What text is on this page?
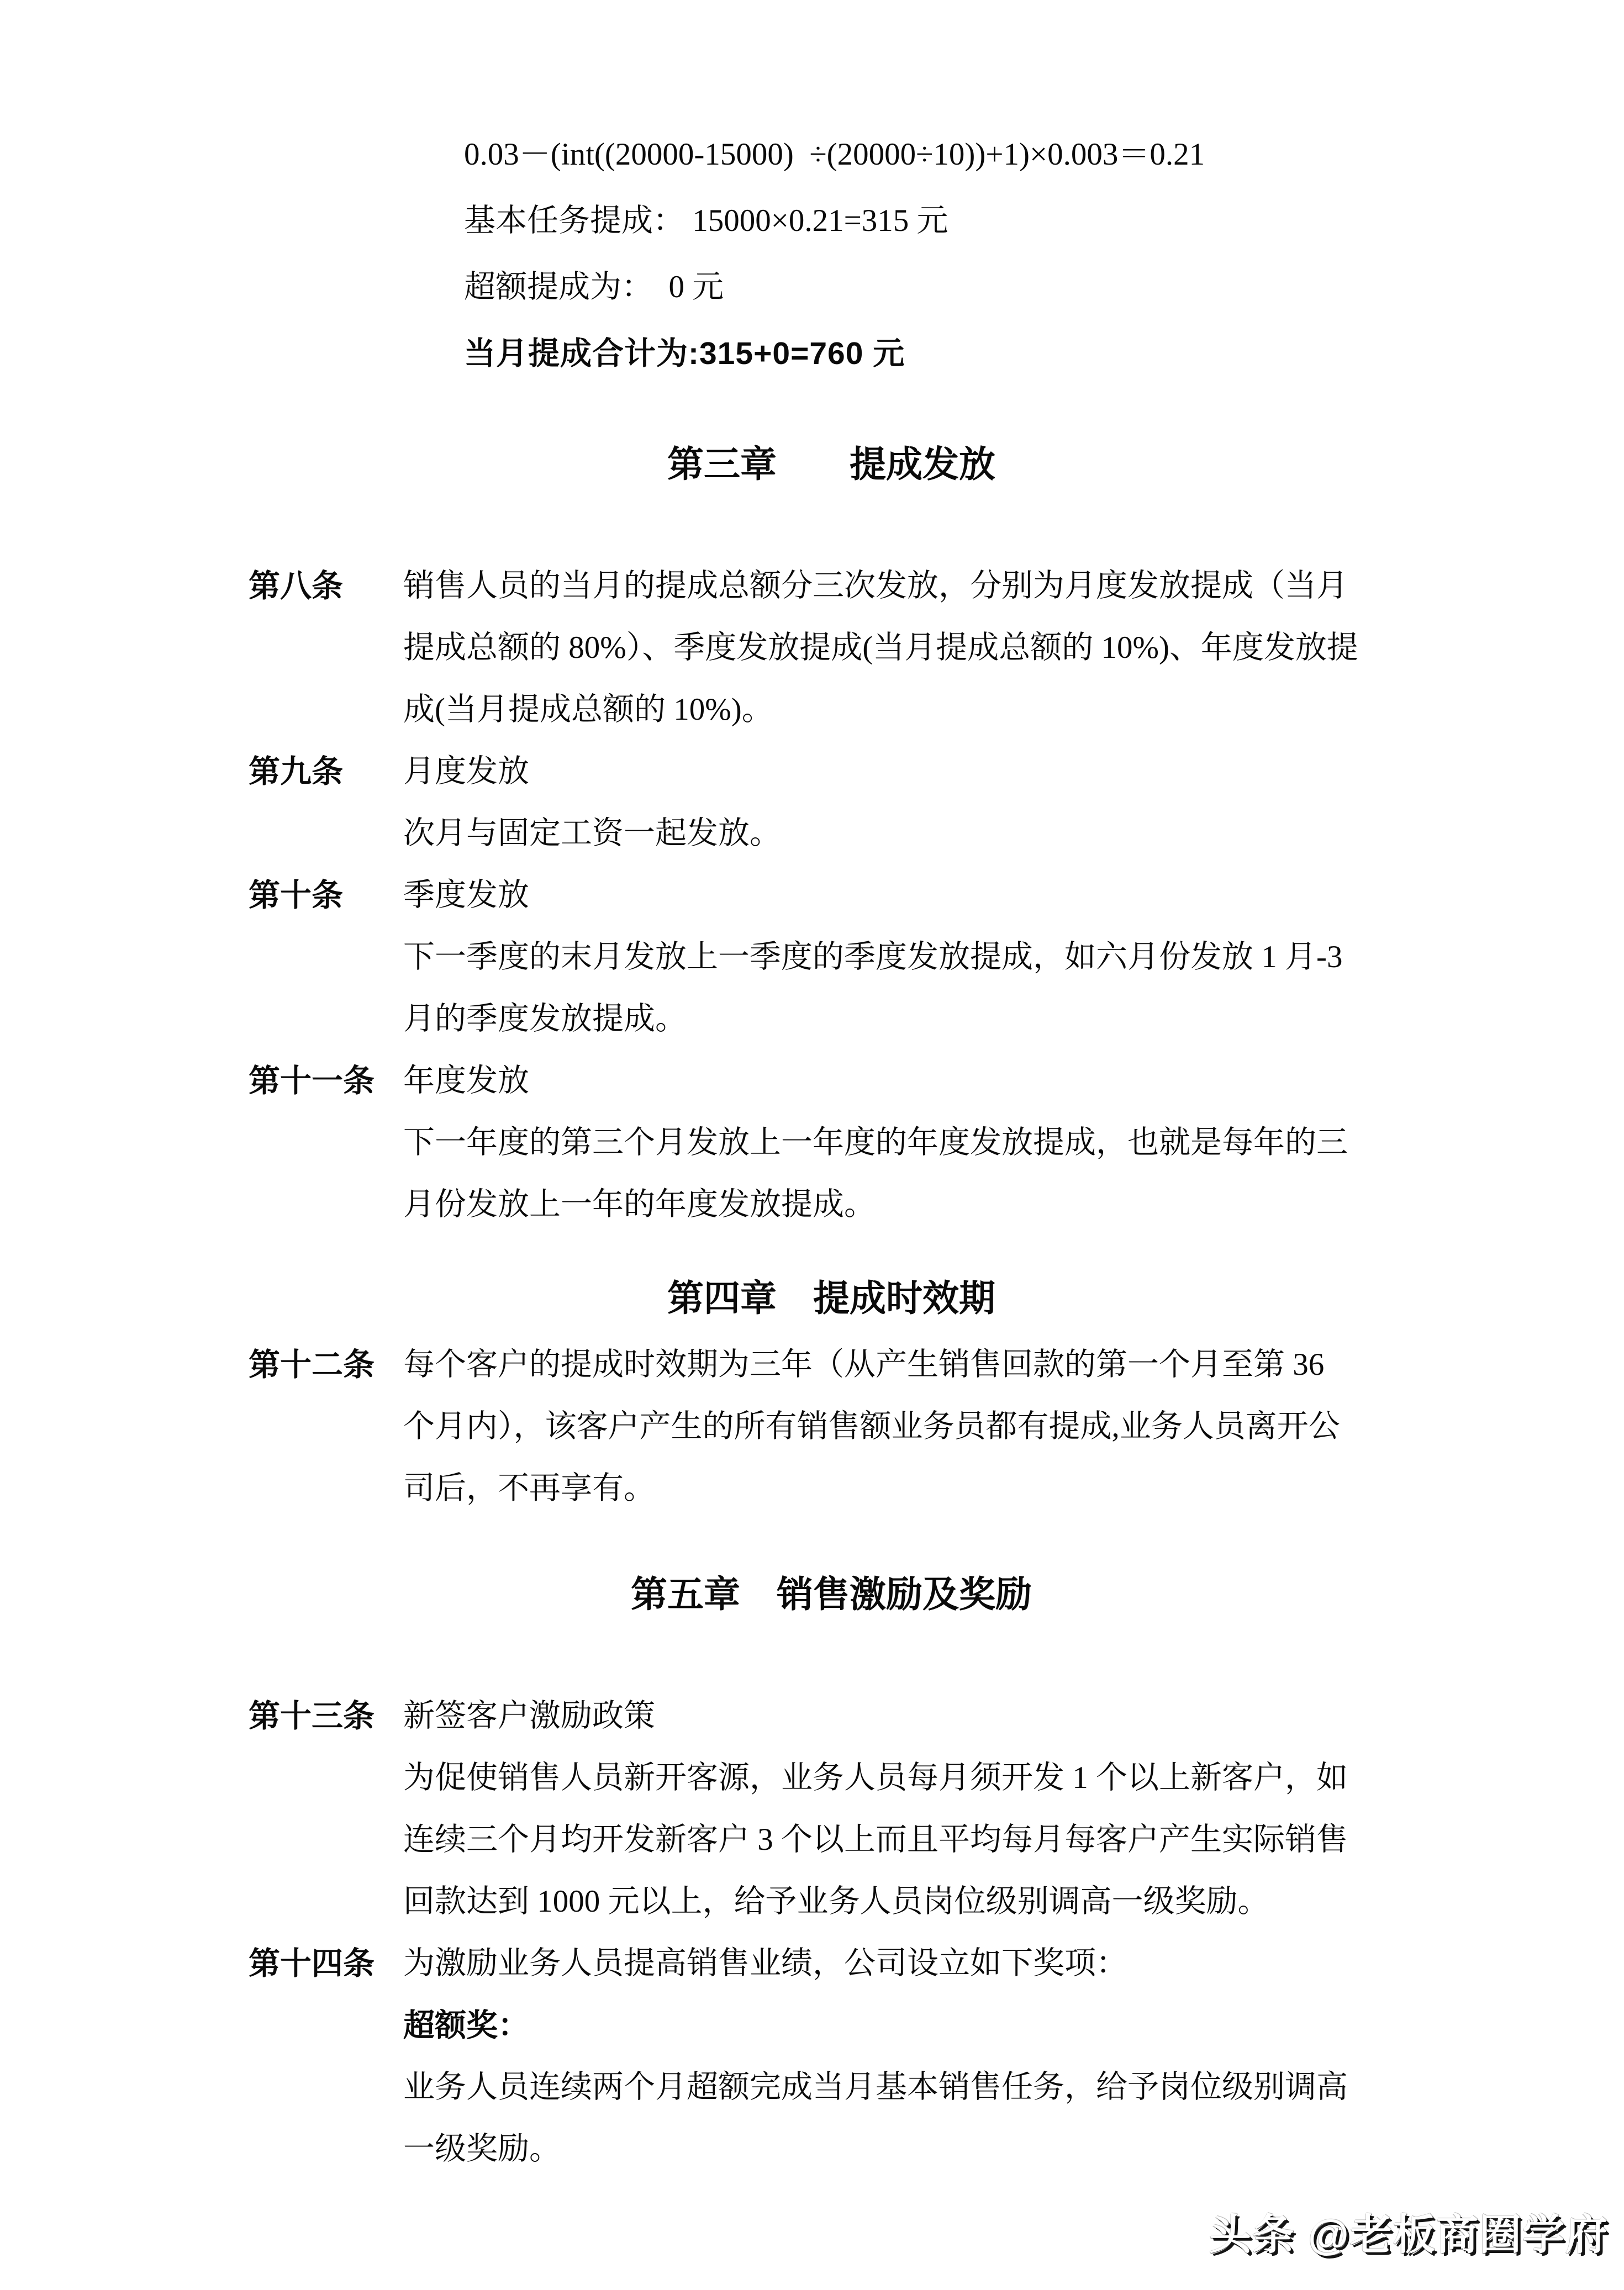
0.03－(int((20000-15000)  ÷(20000÷10))+1)×0.003＝0.21

基本任务提成： 15000×0.21=315 元

超额提成为：  0 元

当月提成合计为:315+0=760 元

第三章　　提成发放
第八条	销售人员的当月的提成总额分三次发放，分别为月度发放提成（当月
提成总额的 80%）、季度发放提成(当月提成总额的 10%)、年度发放提
成(当月提成总额的 10%)。
第九条	月度发放
次月与固定工资一起发放。
第十条	季度发放
下一季度的末月发放上一季度的季度发放提成，如六月份发放 1 月-3
月的季度发放提成。
第十一条 年度发放
下一年度的第三个月发放上一年度的年度发放提成，也就是每年的三
月份发放上一年的年度发放提成。
第四章　提成时效期
第十二条 每个客户的提成时效期为三年（从产生销售回款的第一个月至第 36
个月内），该客户产生的所有销售额业务员都有提成,业务人员离开公
司后，不再享有。
第五章　销售激励及奖励
第十三条 新签客户激励政策
为促使销售人员新开客源，业务人员每月须开发 1 个以上新客户，如
连续三个月均开发新客户 3 个以上而且平均每月每客户产生实际销售
回款达到 1000 元以上，给予业务人员岗位级别调高一级奖励。
第十四条 为激励业务人员提高销售业绩，公司设立如下奖项：
超额奖：
业务人员连续两个月超额完成当月基本销售任务，给予岗位级别调高
一级奖励。
头条 @老板商圈学府
